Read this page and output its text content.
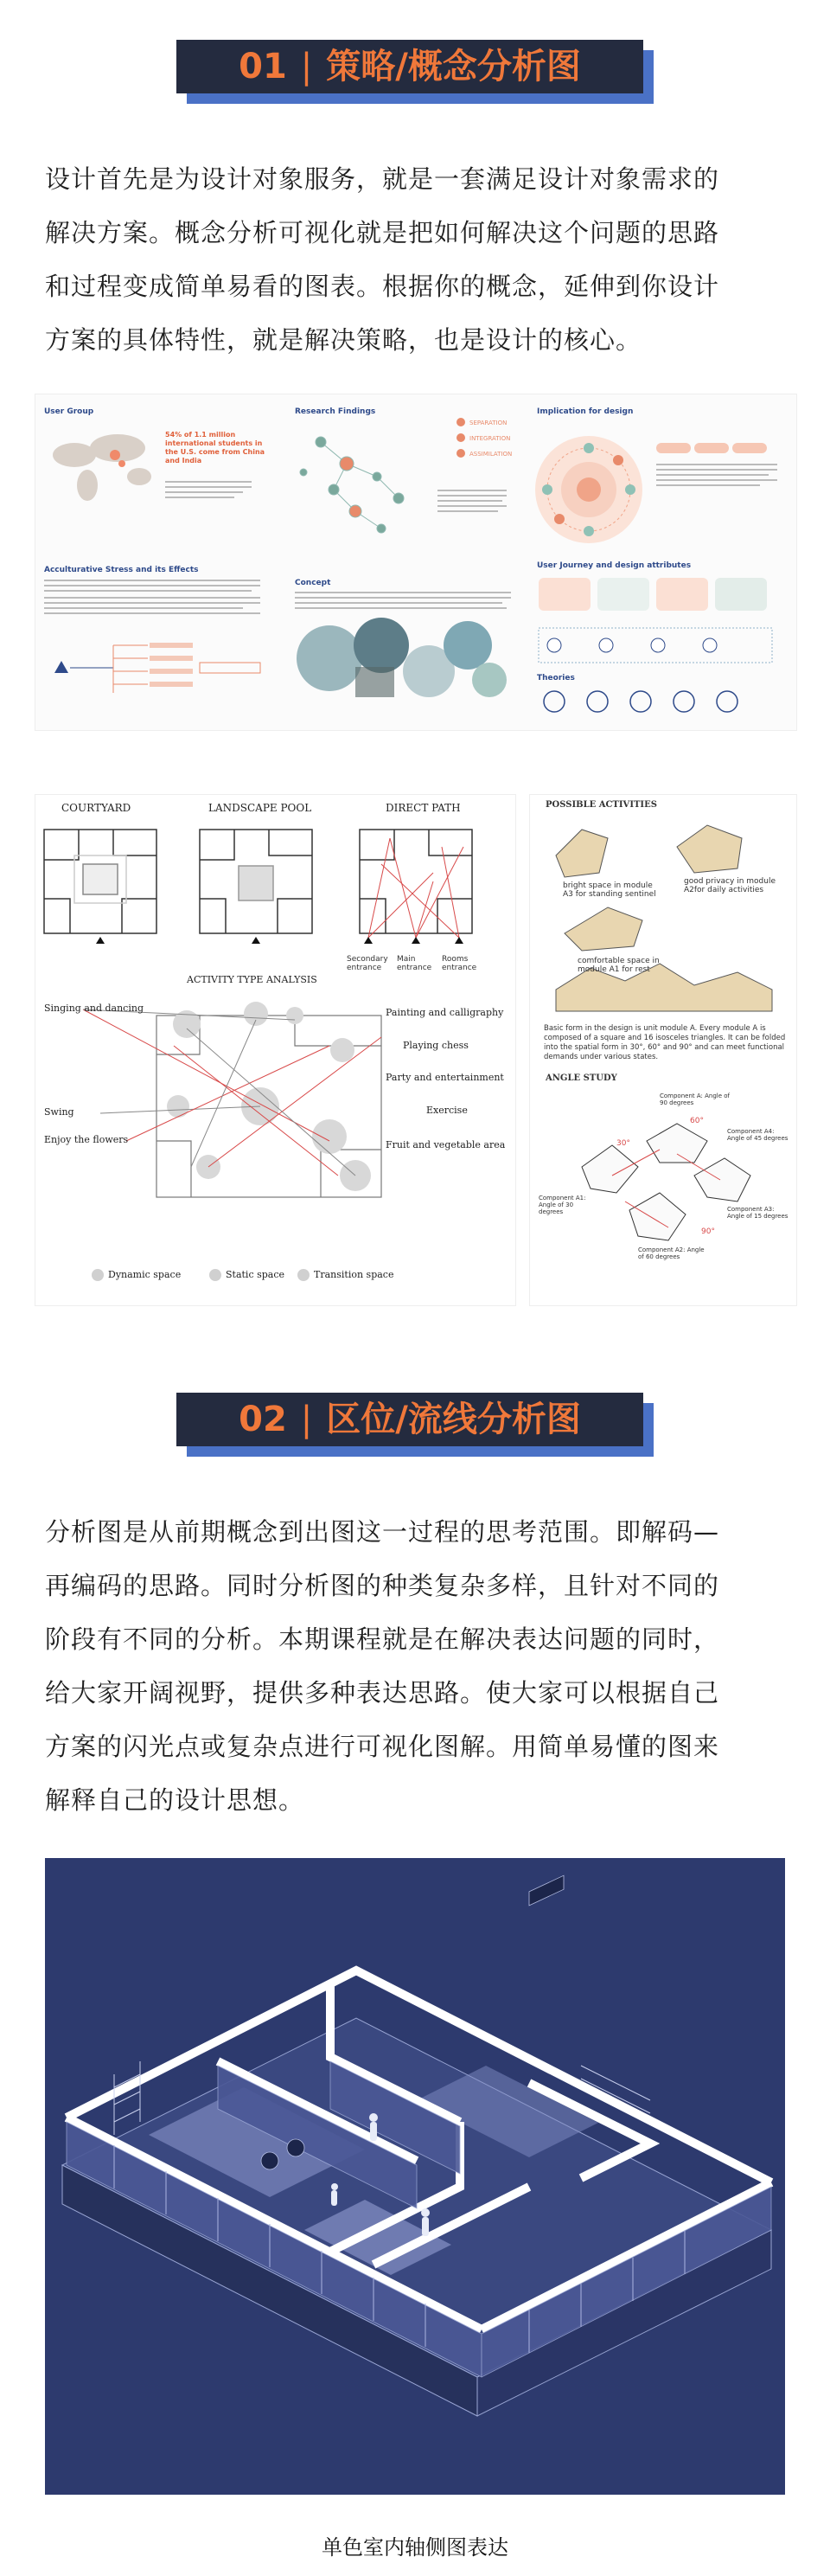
01 | 策略/概念分析图
设计首先是为设计对象服务，就是一套满足设计对象需求的
解决方案。概念分析可视化就是把如何解决这个问题的思路
和过程变成简单易看的图表。根据你的概念，延伸到你设计
方案的具体特性，就是解决策略，也是设计的核心。
User Group
54% of 1.1 million international students in the U.S. come from China and India
Acculturative Stress and its Effects
Research Findings
SEPARATION
INTEGRATION
ASSIMILATION
Concept
Implication for design
User Journey and design attributes
Theories
COURTYARD	LANDSCAPE POOL	DIRECT PATH
Secondary entrance
Main entrance
Rooms entrance
ACTIVITY TYPE ANALYSIS
Singing and dancing
Swing
Enjoy the flowers
Painting and calligraphy
Playing chess
Party and entertainment
Exercise
Fruit and vegetable area
Dynamic space	Static space	Transition space
POSSIBLE ACTIVITIES
bright space in module A3 for standing sentinel
good privacy in module A2for daily activities
comfortable space in module A1 for rest
Basic form in the design is unit module A. Every module A is composed of a square and 16 isosceles triangles. It can be folded into the spatial form in 30°, 60° and 90° and can meet functional demands under various states.
ANGLE STUDY
30°
60°
90°
Component A: Angle of 90 degrees
Component A1: Angle of 30 degrees
Component A2: Angle of 60 degrees
Component A3: Angle of 15 degrees
Component A4: Angle of 45 degrees
02 | 区位/流线分析图
分析图是从前期概念到出图这一过程的思考范围。即解码—
再编码的思路。同时分析图的种类复杂多样，且针对不同的
阶段有不同的分析。本期课程就是在解决表达问题的同时，
给大家开阔视野，提供多种表达思路。使大家可以根据自己
方案的闪光点或复杂点进行可视化图解。用简单易懂的图来
解释自己的设计思想。
单色室内轴侧图表达
